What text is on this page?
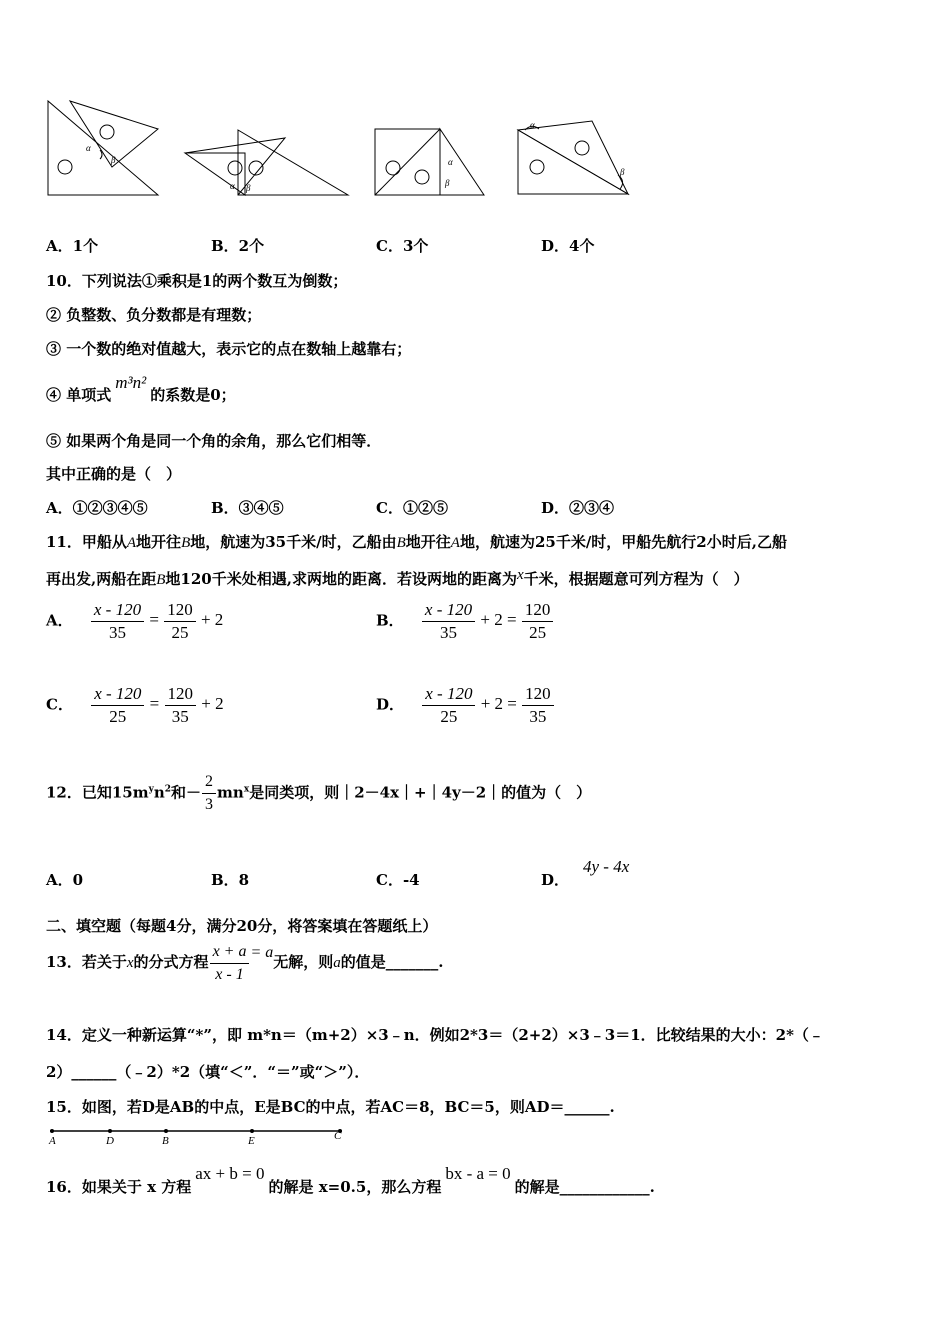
α
β
α β
α
β
α
β
A．1个	B．2个	C．3个	D．4个
10．下列说法①乘积是1的两个数互为倒数；
② 负整数、负分数都是有理数；
③ 一个数的绝对值越大，表示它的点在数轴上越靠右；
④ 单项式m³n²的系数是0；
⑤ 如果两个角是同一个角的余角，那么它们相等．
其中正确的是（　）
A．①②③④⑤	B．③④⑤	C．①②⑤	D．②③④
11．甲船从A地开往B地，航速为35千米/时，乙船由B地开往A地，航速为25千米/时，甲船先航行2小时后,乙船
再出发,两船在距B地120千米处相遇,求两地的距离．若设两地的距离为x千米，根据题意可列方程为（　）
A． $\frac{x - 120}{35} = \frac{120}{25} + 2$	B． $\frac{x - 120}{35} + 2 = \frac{120}{25}$
C． $\frac{x - 120}{25} = \frac{120}{35} + 2$	D． $\frac{x - 120}{25} + 2 = \frac{120}{35}$
12．已知$15m^yn^2$和－ $\frac{2}{3} mn^x$是同类项，则｜2－4x｜+｜4y－2｜的值为（　）
A．0	B．8	C．-4	D．4y - 4x
二、填空题（每题4分，满分20分，将答案填在答题纸上）
13．若关于x的分式方程 $\frac{x + a}{x - 1} = a$无解，则a的值是_______.
14．定义一种新运算“*”，即 m*n＝（m+2）×3﹣n．例如2*3＝（2+2）×3﹣3＝1．比较结果的大小：2*（﹣
2）______（﹣2）*2（填“＜”．“＝”或“＞”）．
15．如图，若D是AB的中点，E是BC的中点，若AC＝8，BC＝5，则AD＝______.
A	D	B	E	C
16．如果关于 x 方程ax + b = 0的解是 x=0.5，那么方程bx - a = 0的解是____________.
